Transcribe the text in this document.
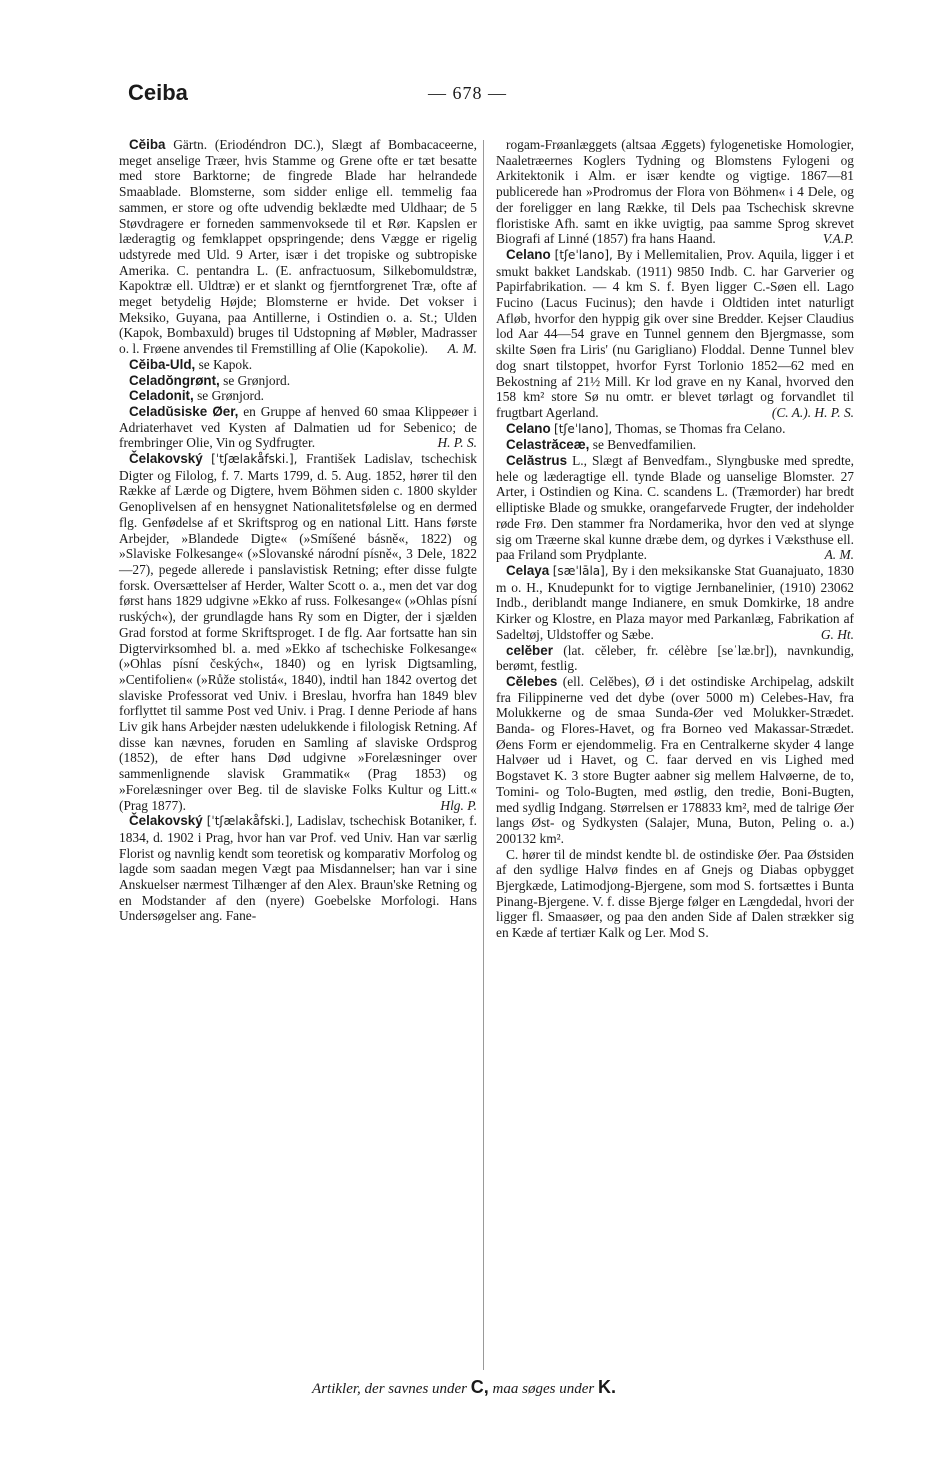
Ceiba	— 678 —

Cĕiba Gärtn. (Eriodéndron DC.), Slægt af Bombacaceerne, meget anselige Træer, hvis Stamme og Grene ofte er tæt besatte med store Barktorne; de fingrede Blade har helrandede Smaablade. Blomsterne, som sidder enlige ell. temmelig faa sammen, er store og ofte udvendig beklædte med Uldhaar; de 5 Støvdragere er forneden sammenvoksede til et Rør. Kapslen er læderagtig og femklappet opspringende; dens Vægge er rigelig udstyrede med Uld. 9 Arter, især i det tropiske og subtropiske Amerika. C. pentandra L. (E. anfractuosum, Silkebomuldstræ, Kapoktræ ell. Uldtræ) er et slankt og fjerntforgrenet Træ, ofte af meget betydelig Højde; Blomsterne er hvide. Det vokser i Meksiko, Guyana, paa Antillerne, i Ostindien o. a. St.; Ulden (Kapok, Bombaxuld) bruges til Udstopning af Møbler, Madrasser o. l. Frøene anvendes til Fremstilling af Olie (Kapokolie).	A. M.

Cĕiba-Uld, se Kapok.

Celadŏngrønt, se Grønjord.

Celadonit, se Grønjord.

Celadŭsiske Øer, en Gruppe af henved 60 smaa Klippeøer i Adriaterhavet ved Kysten af Dalmatien ud for Sebenico; de frembringer Olie, Vin og Sydfrugter.	H. P. S.

Čelakovský [ˈtʃælakåfski.], František Ladislav, tschechisk Digter og Filolog, f. 7. Marts 1799, d. 5. Aug. 1852, hører til den Række af Lærde og Digtere, hvem Böhmen siden c. 1800 skylder Genoplivelsen af en hensygnet Nationalitetsfølelse og en dermed flg. Genfødelse af et Skriftsprog og en national Litt. Hans første Arbejder, »Blandede Digte« (»Smíšené básně«, 1822) og »Slaviske Folkesange« (»Slovanské národní písně«, 3 Dele, 1822—27), pegede allerede i panslavistisk Retning; efter disse fulgte forsk. Oversættelser af Herder, Walter Scott o. a., men det var dog først hans 1829 udgivne »Ekko af russ. Folkesange« (»Ohlas písní ruských«), der grundlagde hans Ry som en Digter, der i sjælden Grad forstod at forme Skriftsproget. I de flg. Aar fortsatte han sin Digtervirksomhed bl. a. med »Ekko af tschechiske Folkesange« (»Ohlas písní českých«, 1840) og en lyrisk Digtsamling, »Centifolien« (»Růže stolistá«, 1840), indtil han 1842 overtog det slaviske Professorat ved Univ. i Breslau, hvorfra han 1849 blev forflyttet til samme Post ved Univ. i Prag. I denne Periode af hans Liv gik hans Arbejder næsten udelukkende i filologisk Retning. Af disse kan nævnes, foruden en Samling af slaviske Ordsprog (1852), de efter hans Død udgivne »Forelæsninger over sammenlignende slavisk Grammatik« (Prag 1853) og »Forelæsninger over Beg. til de slaviske Folks Kultur og Litt.« (Prag 1877).	Hlg. P.

Čelakovský [ˈtʃælakåfski.], Ladislav, tschechisk Botaniker, f. 1834, d. 1902 i Prag, hvor han var Prof. ved Univ. Han var særlig Florist og navnlig kendt som teoretisk og komparativ Morfolog og lagde som saadan megen Vægt paa Misdannelser; han var i sine Anskuelser nærmest Tilhænger af den Alex. Braun'ske Retning og en Modstander af den (nyere) Goebelske Morfologi. Hans Undersøgelser ang. Fane-

rogam-Frøanlæggets (altsaa Æggets) fylogenetiske Homologier, Naaletræernes Koglers Tydning og Blomstens Fylogeni og Arkitektonik i Alm. er især kendte og vigtige. 1867—81 publicerede han »Prodromus der Flora von Böhmen« i 4 Dele, og der foreligger en lang Række, til Dels paa Tschechisk skrevne floristiske Afh. samt en ikke uvigtig, paa samme Sprog skrevet Biografi af Linné (1857) fra hans Haand.	V.A.P.

Celano [tʃeˈlano], By i Mellemitalien, Prov. Aquila, ligger i et smukt bakket Landskab. (1911) 9850 Indb. C. har Garverier og Papirfabrikation. — 4 km S. f. Byen ligger C.-Søen ell. Lago Fucino (Lacus Fucinus); den havde i Oldtiden intet naturligt Afløb, hvorfor den hyppig gik over sine Bredder. Kejser Claudius lod Aar 44—54 grave en Tunnel gennem den Bjergmasse, som skilte Søen fra Liris' (nu Garigliano) Floddal. Denne Tunnel blev dog snart tilstoppet, hvorfor Fyrst Torlonio 1852—62 med en Bekostning af 21½ Mill. Kr lod grave en ny Kanal, hvorved den 158 km² store Sø nu omtr. er blevet tørlagt og forvandlet til frugtbart Agerland.	(C. A.). H. P. S.

Celano [tʃeˈlano], Thomas, se Thomas fra Celano.

Celastrăceæ, se Benvedfamilien.

Celăstrus L., Slægt af Benvedfam., Slyngbuske med spredte, hele og læderagtige ell. tynde Blade og uanselige Blomster. 27 Arter, i Ostindien og Kina. C. scandens L. (Træmorder) har bredt elliptiske Blade og smukke, orangefarvede Frugter, der indeholder røde Frø. Den stammer fra Nordamerika, hvor den ved at slynge sig om Træerne skal kunne dræbe dem, og dyrkes i Væksthuse ell. paa Friland som Prydplante.	A. M.

Celaya [sæˈlāla], By i den meksikanske Stat Guanajuato, 1830 m o. H., Knudepunkt for to vigtige Jernbanelinier, (1910) 23062 Indb., deriblandt mange Indianere, en smuk Domkirke, 18 andre Kirker og Klostre, en Plaza mayor med Parkanlæg, Fabrikation af Sadeltøj, Uldstoffer og Sæbe.	G. Ht.

celĕber (lat. cĕleber, fr. célèbre [seˈlæ.br]), navnkundig, berømt, festlig.

Cĕlebes (ell. Celĕbes), Ø i det ostindiske Archipelag, adskilt fra Filippinerne ved det dybe (over 5000 m) Celebes-Hav, fra Molukkerne og de smaa Sunda-Øer ved Molukker-Strædet. Banda- og Flores-Havet, og fra Borneo ved Makassar-Strædet. Øens Form er ejendommelig. Fra en Centralkerne skyder 4 lange Halvøer ud i Havet, og C. faar derved en vis Lighed med Bogstavet K. 3 store Bugter aabner sig mellem Halvøerne, de to, Tomini- og Tolo-Bugten, med østlig, den tredie, Boni-Bugten, med sydlig Indgang. Størrelsen er 178833 km², med de talrige Øer langs Øst- og Sydkysten (Salajer, Muna, Buton, Peling o. a.) 200132 km².

C. hører til de mindst kendte bl. de ostindiske Øer. Paa Østsiden af den sydlige Halvø findes en af Gnejs og Diabas opbygget Bjergkæde, Latimodjong-Bjergene, som mod S. fortsættes i Bunta Pinang-Bjergene. V. f. disse Bjerge følger en Længdedal, hvori der ligger fl. Smaasøer, og paa den anden Side af Dalen strækker sig en Kæde af tertiær Kalk og Ler. Mod S.

Artikler, der savnes under C, maa søges under K.
